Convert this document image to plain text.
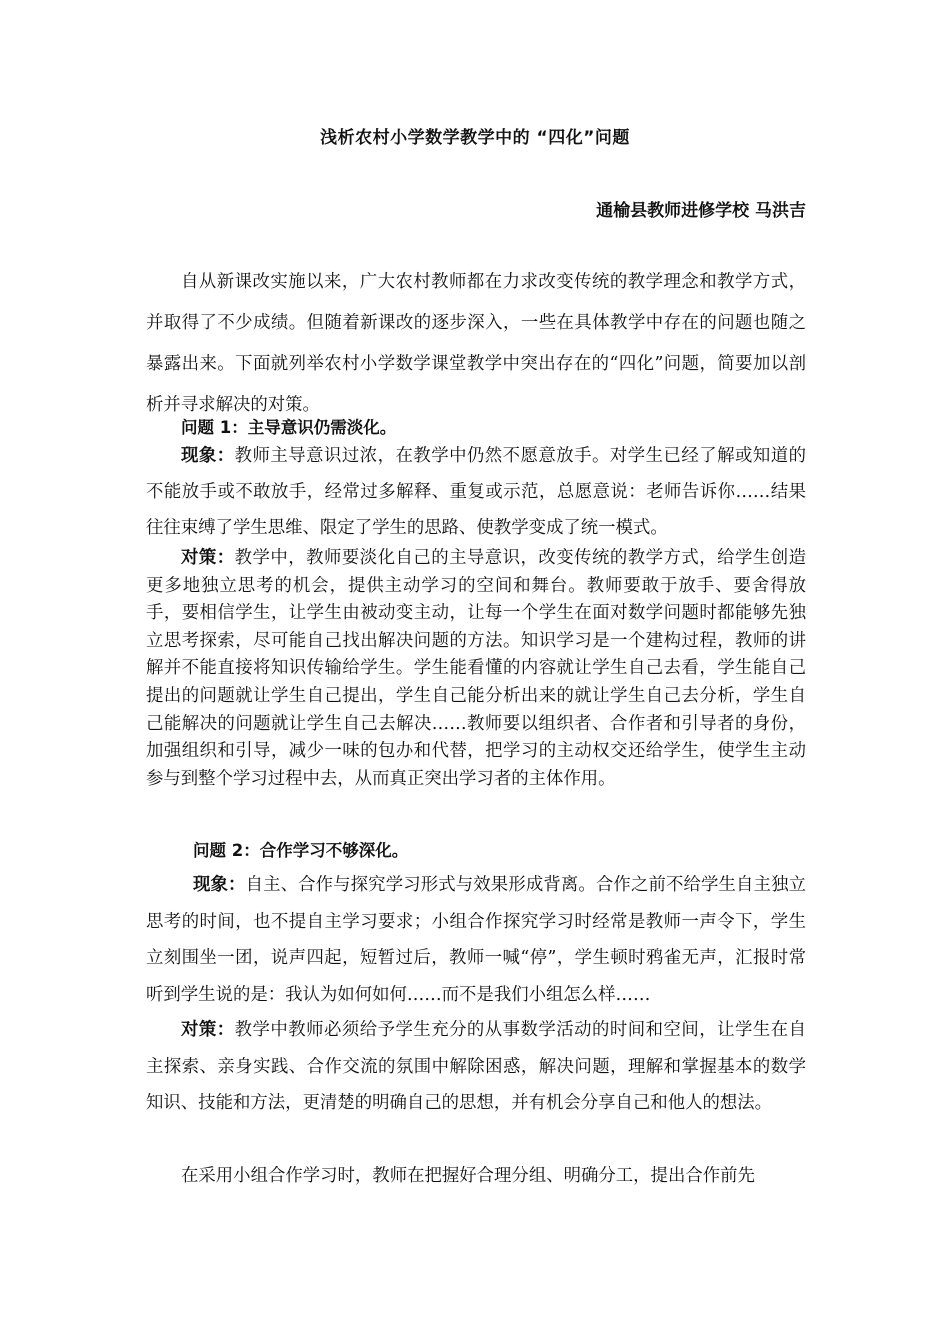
浅析农村小学数学教学中的 “四化”问题
通榆县教师进修学校 马洪吉
自从新课改实施以来，广大农村教师都在力求改变传统的教学理念和教学方式，并取得了不少成绩。但随着新课改的逐步深入，一些在具体教学中存在的问题也随之暴露出来。下面就列举农村小学数学课堂教学中突出存在的“四化”问题，简要加以剖析并寻求解决的对策。
问题 1：主导意识仍需淡化。
现象：教师主导意识过浓，在教学中仍然不愿意放手。对学生已经了解或知道的不能放手或不敢放手，经常过多解释、重复或示范，总愿意说：老师告诉你……结果往往束缚了学生思维、限定了学生的思路、使教学变成了统一模式。
对策：教学中，教师要淡化自己的主导意识，改变传统的教学方式，给学生创造更多地独立思考的机会，提供主动学习的空间和舞台。教师要敢于放手、要舍得放手，要相信学生，让学生由被动变主动，让每一个学生在面对数学问题时都能够先独立思考探索，尽可能自己找出解决问题的方法。知识学习是一个建构过程，教师的讲解并不能直接将知识传输给学生。学生能看懂的内容就让学生自己去看，学生能自己提出的问题就让学生自己提出，学生自己能分析出来的就让学生自己去分析，学生自己能解决的问题就让学生自己去解决……教师要以组织者、合作者和引导者的身份，加强组织和引导，减少一味的包办和代替，把学习的主动权交还给学生，使学生主动参与到整个学习过程中去，从而真正突出学习者的主体作用。
问题 2：合作学习不够深化。
现象：自主、合作与探究学习形式与效果形成背离。合作之前不给学生自主独立思考的时间，也不提自主学习要求；小组合作探究学习时经常是教师一声令下，学生立刻围坐一团，说声四起，短暂过后，教师一喊“停”，学生顿时鸦雀无声，汇报时常听到学生说的是：我认为如何如何……而不是我们小组怎么样……
对策：教学中教师必须给予学生充分的从事数学活动的时间和空间，让学生在自主探索、亲身实践、合作交流的氛围中解除困惑，解决问题，理解和掌握基本的数学知识、技能和方法，更清楚的明确自己的思想，并有机会分享自己和他人的想法。
在采用小组合作学习时，教师在把握好合理分组、明确分工，提出合作前先
